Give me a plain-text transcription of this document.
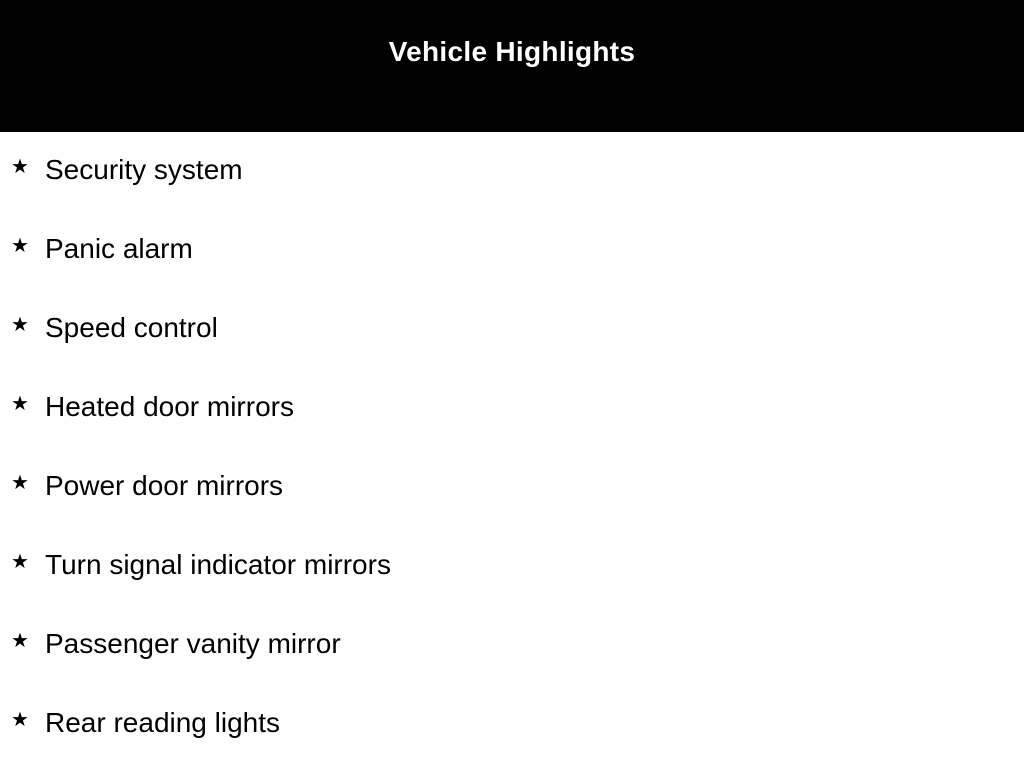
Vehicle Highlights
★ Security system
★ Panic alarm
★ Speed control
★ Heated door mirrors
★ Power door mirrors
★ Turn signal indicator mirrors
★ Passenger vanity mirror
★ Rear reading lights
